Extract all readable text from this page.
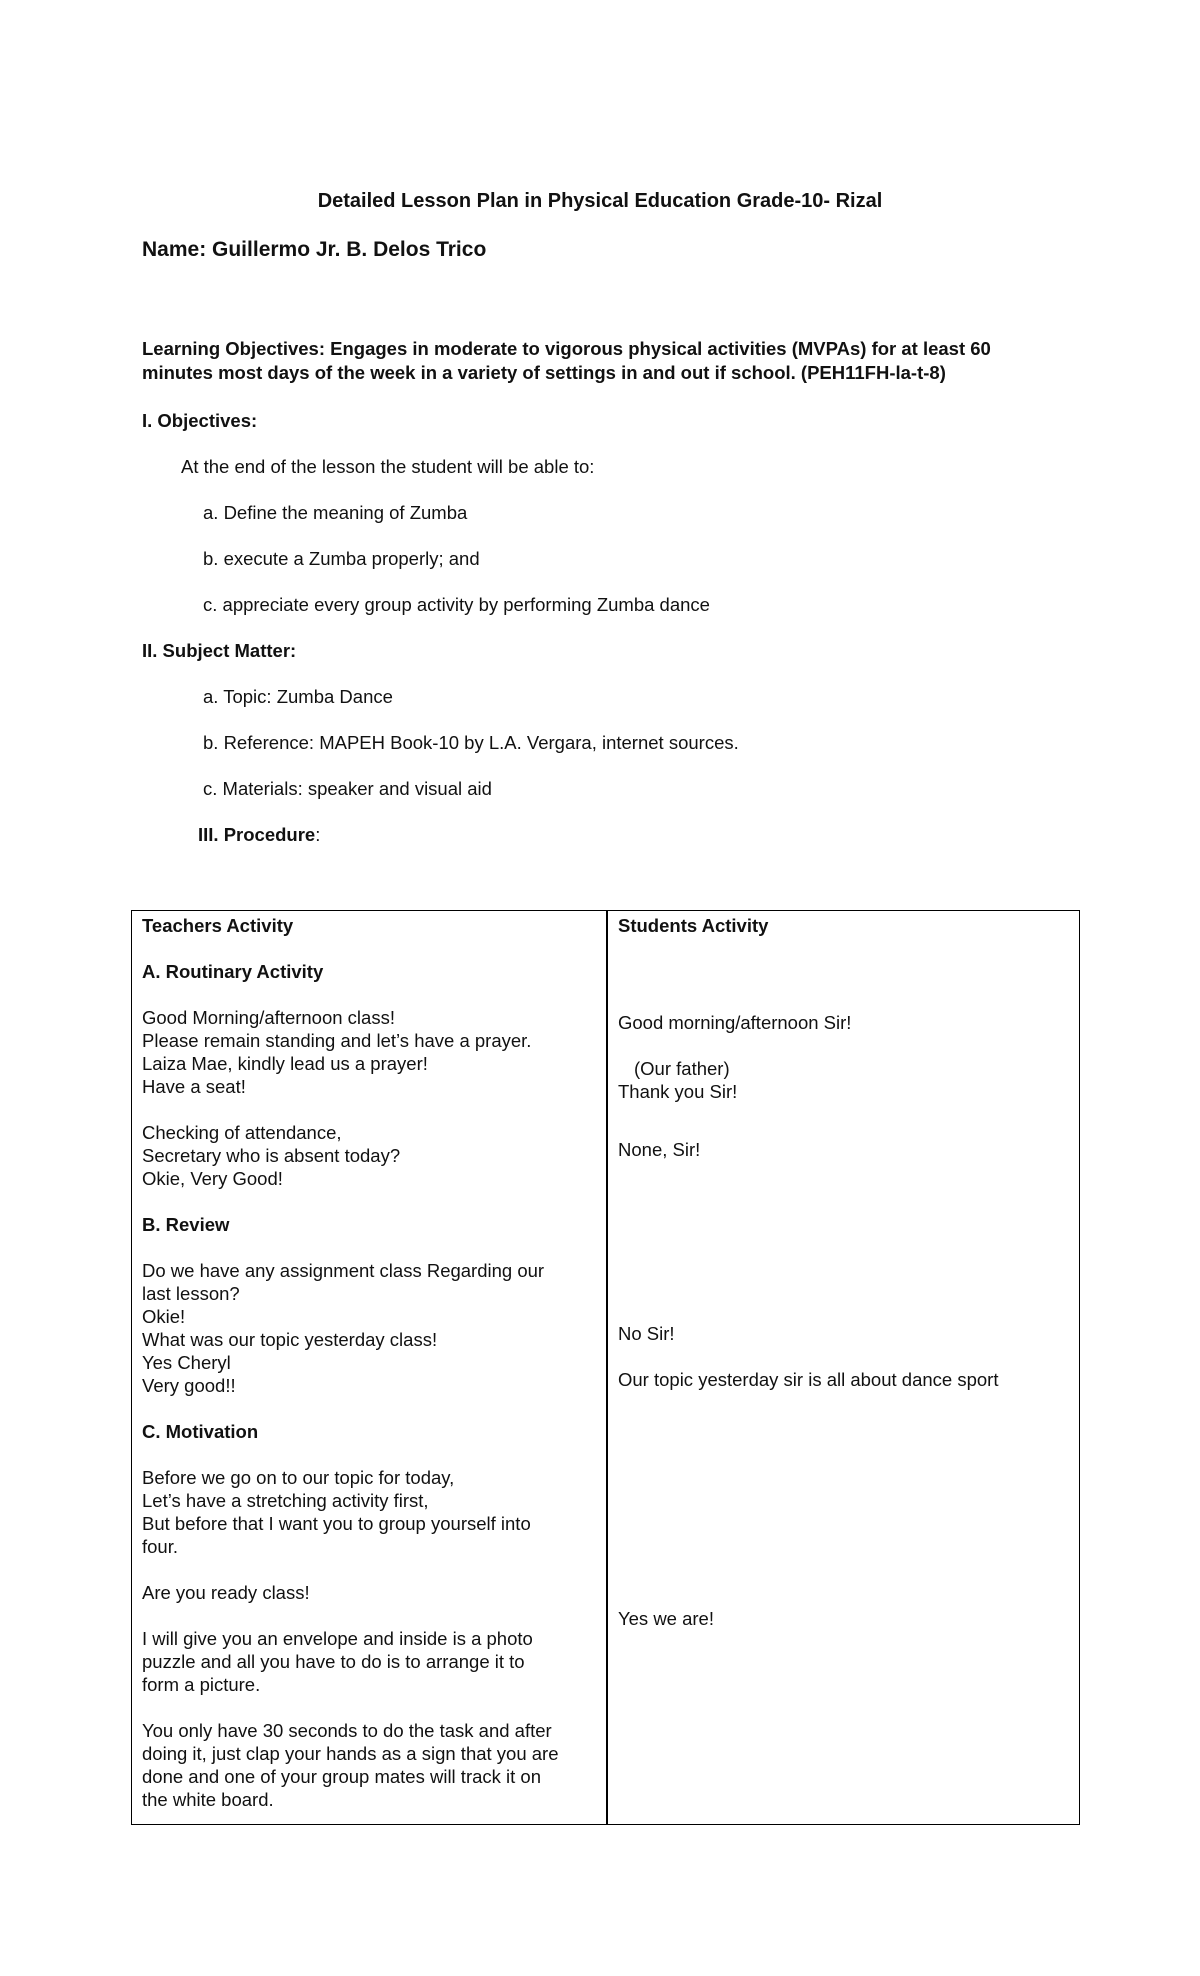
Detailed Lesson Plan in Physical Education Grade-10- Rizal

Name: Guillermo Jr. B. Delos Trico

Learning Objectives: Engages in moderate to vigorous physical activities (MVPAs) for at least 60 minutes most days of the week in a variety of settings in and out if school. (PEH11FH-la-t-8)

I. Objectives:

At the end of the lesson the student will be able to:

a. Define the meaning of Zumba

b. execute a Zumba properly; and

c. appreciate every group activity by performing Zumba dance

II. Subject Matter:

a. Topic: Zumba Dance

b. Reference: MAPEH Book-10 by L.A. Vergara, internet sources.

c. Materials: speaker and visual aid

III. Procedure:

Teachers Activity
A. Routinary Activity
Good Morning/afternoon class!
Please remain standing and let’s have a prayer.
Laiza Mae, kindly lead us a prayer!
Have a seat!
Checking of attendance,
Secretary who is absent today?
Okie, Very Good!
B. Review
Do we have any assignment class Regarding our
last lesson?
Okie!
What was our topic yesterday class!
Yes Cheryl
Very good!!
C. Motivation
Before we go on to our topic for today,
Let’s have a stretching activity first,
But before that I want you to group yourself into
four.
Are you ready class!
I will give you an envelope and inside is a photo
puzzle and all you have to do is to arrange it to
form a picture.
You only have 30 seconds to do the task and after
doing it, just clap your hands as a sign that you are
done and one of your group mates will track it on
the white board.
Students Activity
Good morning/afternoon Sir!
(Our father)
Thank you Sir!
None, Sir!
No Sir!
Our topic yesterday sir is all about dance sport
Yes we are!
